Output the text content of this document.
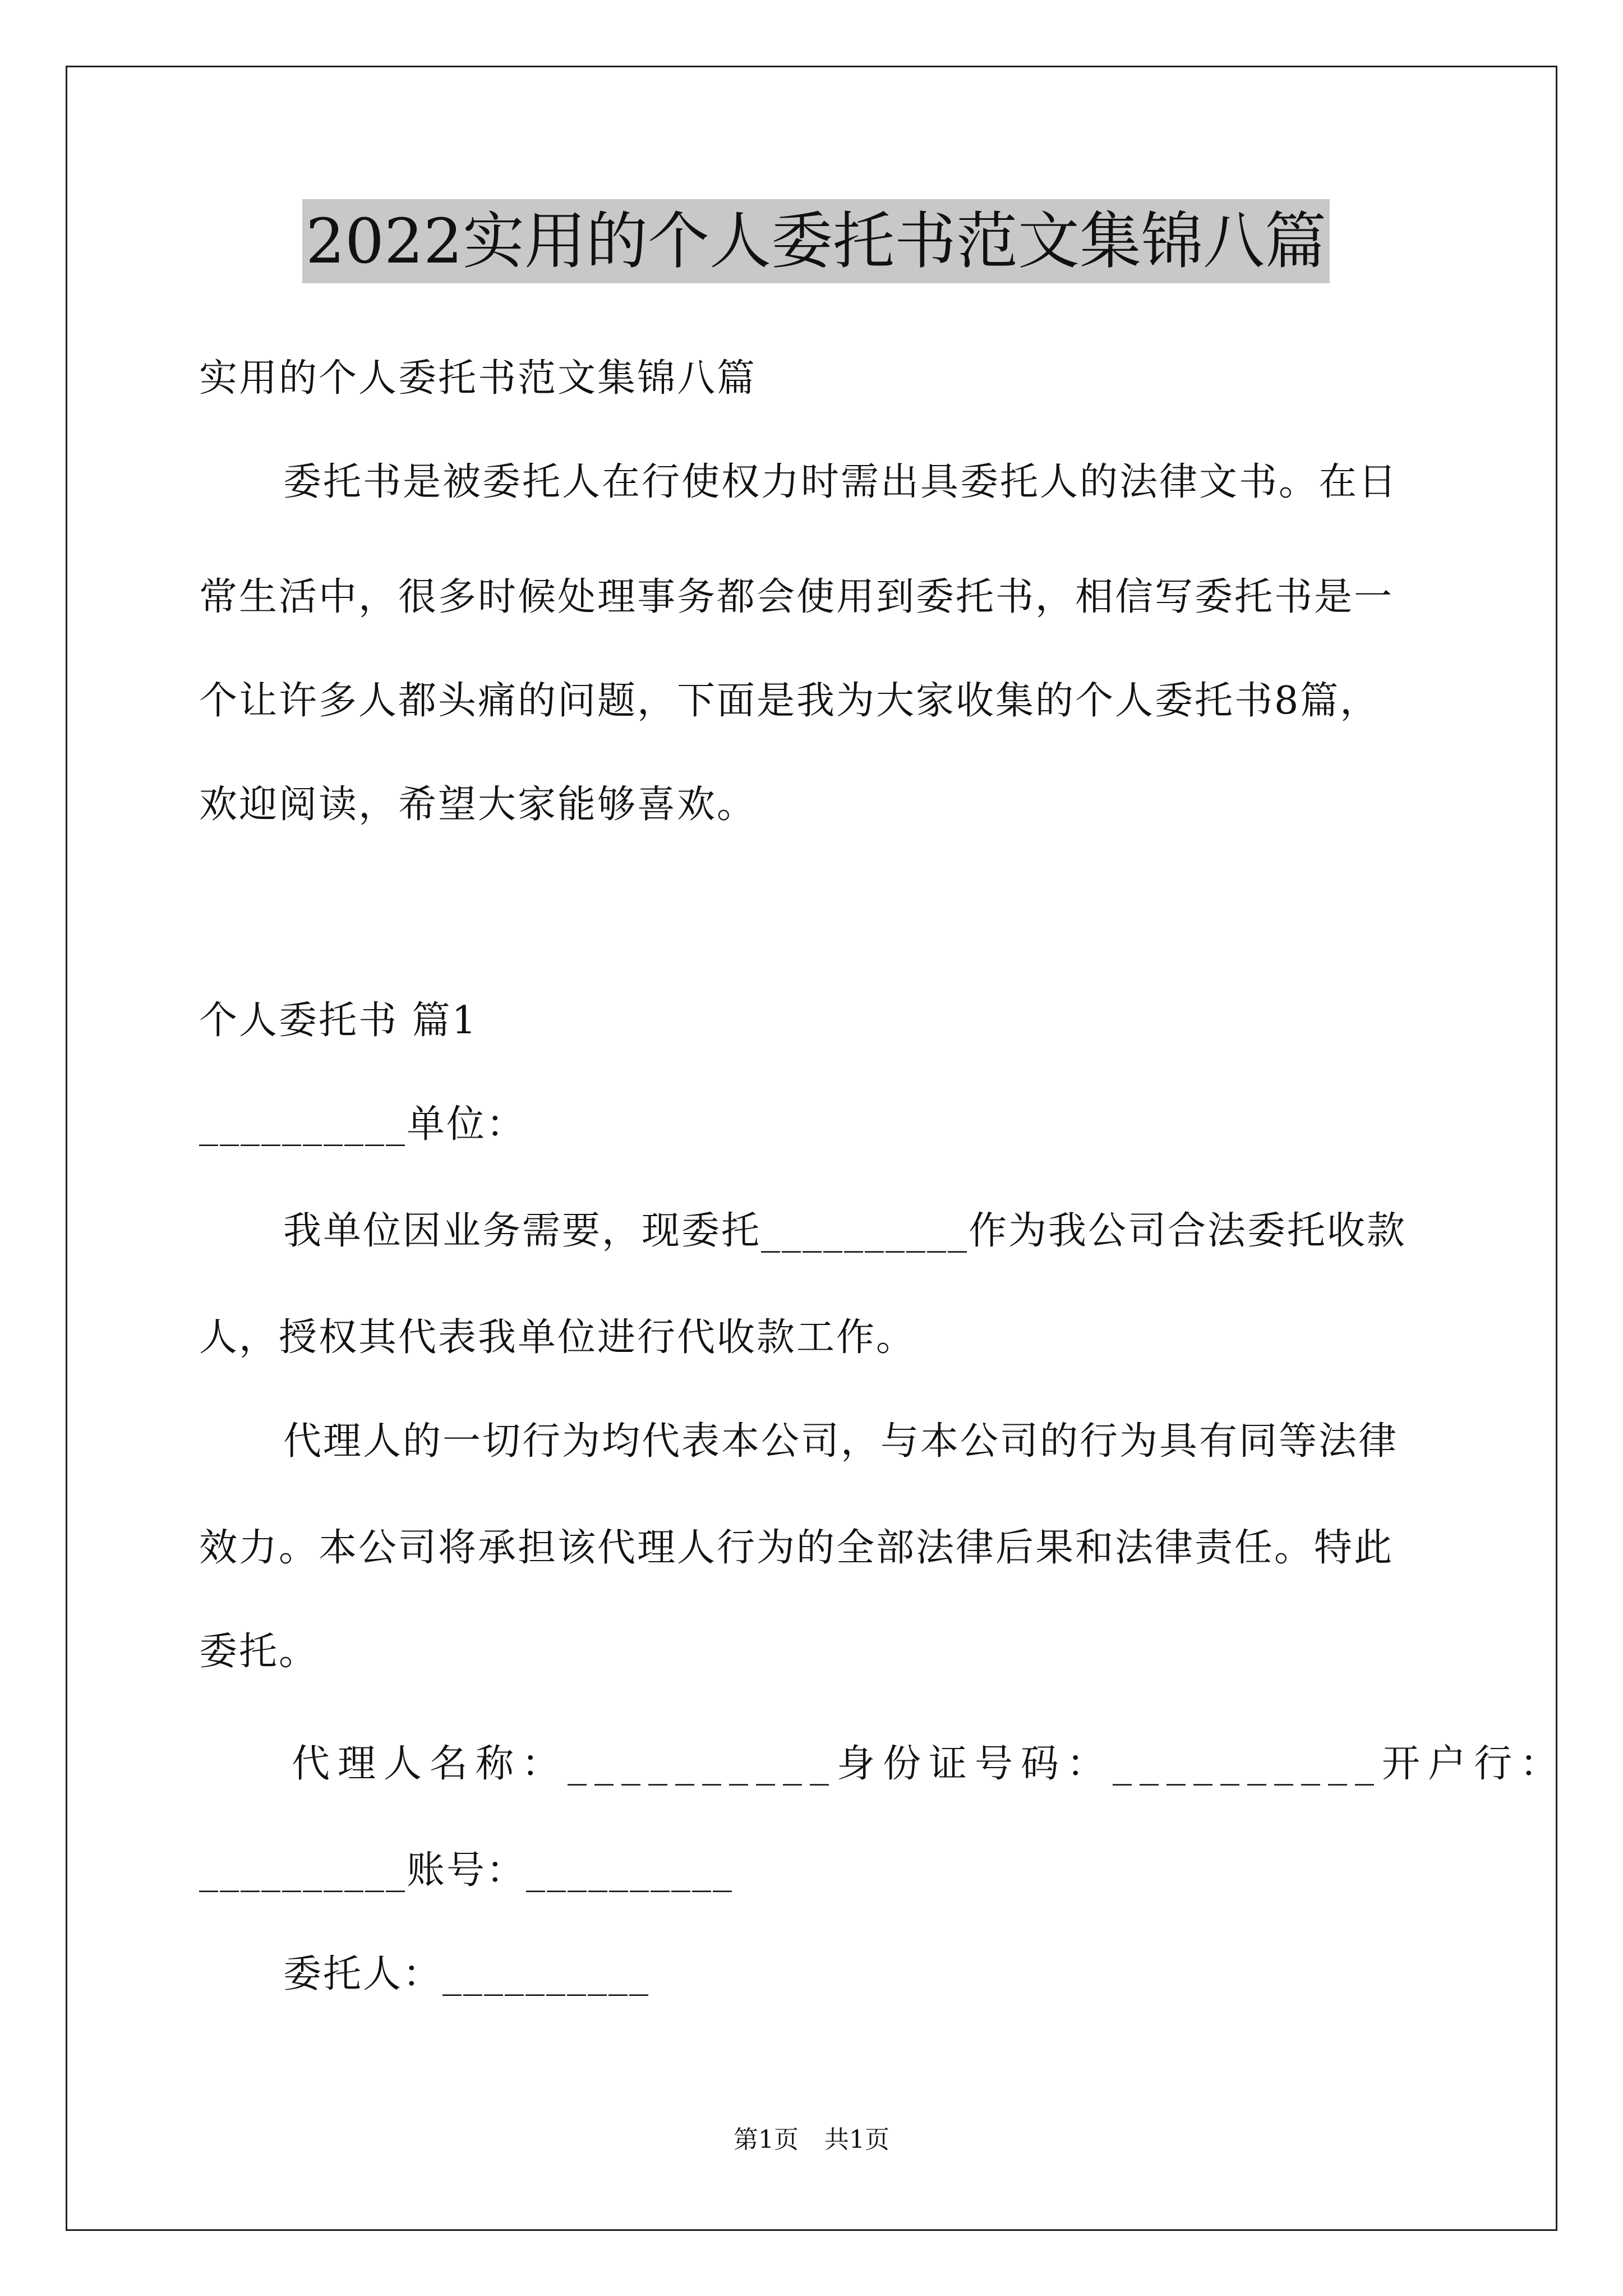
2022实用的个人委托书范文集锦八篇
实用的个人委托书范文集锦八篇
委托书是被委托人在行使权力时需出具委托人的法律文书。在日
常生活中，很多时候处理事务都会使用到委托书，相信写委托书是一
个让许多人都头痛的问题，下面是我为大家收集的个人委托书8篇，
欢迎阅读，希望大家能够喜欢。
个人委托书 篇1
__________单位：
我单位因业务需要，现委托__________作为我公司合法委托收款
人，授权其代表我单位进行代收款工作。
代理人的一切行为均代表本公司，与本公司的行为具有同等法律
效力。本公司将承担该代理人行为的全部法律后果和法律责任。特此
委托。
代理人名称：__________身份证号码：__________开户行：
__________账号：__________
委托人：__________
第1页 共1页
